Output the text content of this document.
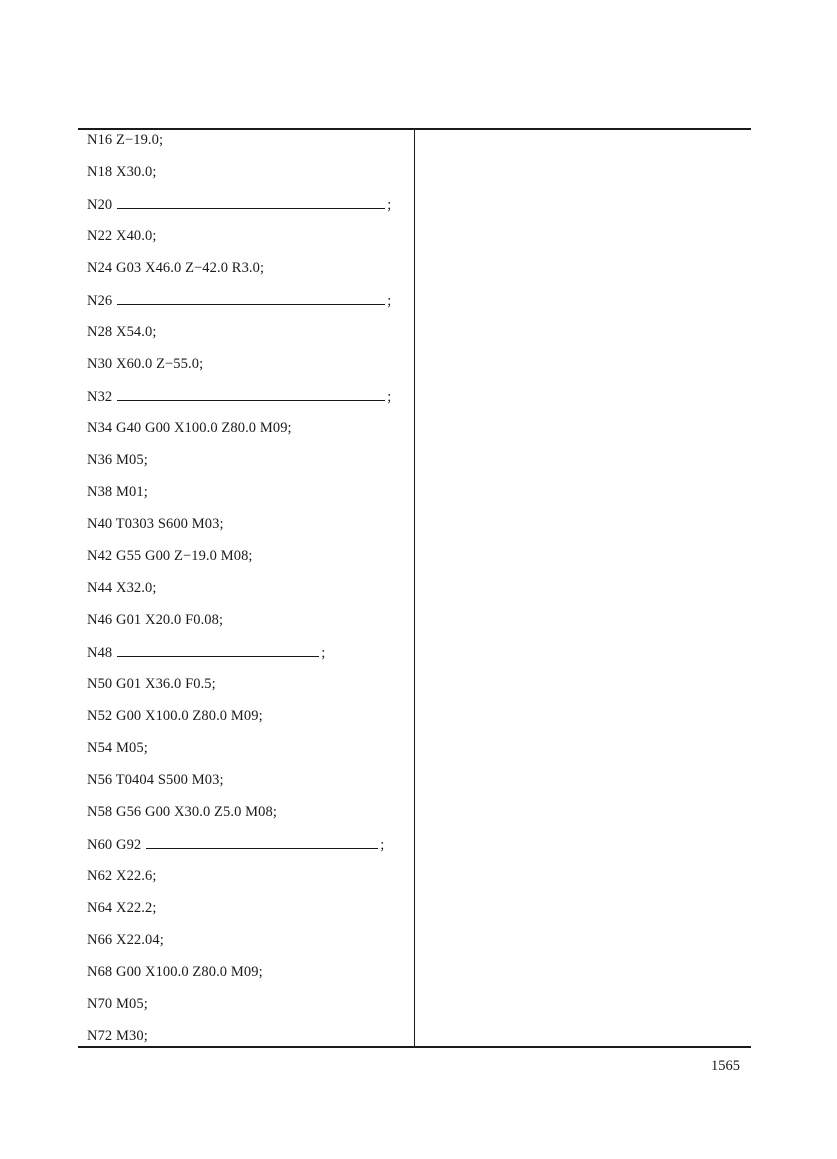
N16 Z−19.0;
N18 X30.0;
N20	;
N22 X40.0;
N24 G03 X46.0 Z−42.0 R3.0;
N26	;
N28 X54.0;
N30 X60.0 Z−55.0;
N32	;
N34 G40 G00 X100.0 Z80.0 M09;
N36 M05;
N38 M01;
N40 T0303 S600 M03;
N42 G55 G00 Z−19.0 M08;
N44 X32.0;
N46 G01 X20.0 F0.08;
N48	;
N50 G01 X36.0 F0.5;
N52 G00 X100.0 Z80.0 M09;
N54 M05;
N56 T0404 S500 M03;
N58 G56 G00 X30.0 Z5.0 M08;
N60 G92	;
N62 X22.6;
N64 X22.2;
N66 X22.04;
N68 G00 X100.0 Z80.0 M09;
N70 M05;
N72 M30;
1565
